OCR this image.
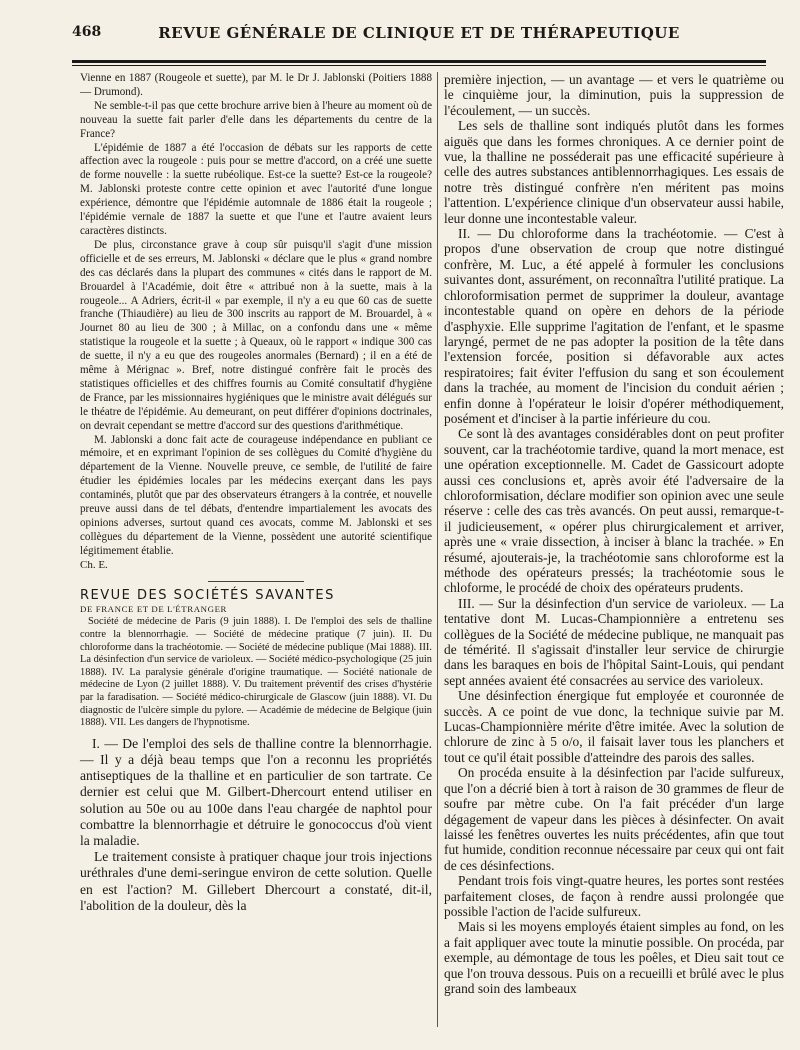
468	REVUE GÉNÉRALE DE CLINIQUE ET DE THÉRAPEUTIQUE

Vienne en 1887 (Rougeole et suette), par M. le Dr J. Jablonski (Poitiers 1888 — Drumond).

Ne semble-t-il pas que cette brochure arrive bien à l'heure au moment où de nouveau la suette fait parler d'elle dans les départements du centre de la France?

L'épidémie de 1887 a été l'occasion de débats sur les rapports de cette affection avec la rougeole : puis pour se mettre d'accord, on a créé une suette de forme nouvelle : la suette rubéolique. Est-ce la suette? Est-ce la rougeole? M. Jablonski proteste contre cette opinion et avec l'autorité d'une longue expérience, démontre que l'épidémie automnale de 1886 était la rougeole ; l'épidémie vernale de 1887 la suette et que l'une et l'autre avaient leurs caractères distincts.

De plus, circonstance grave à coup sûr puisqu'il s'agit d'une mission officielle et de ses erreurs, M. Jablonski « déclare que le plus « grand nombre des cas déclarés dans la plupart des communes « cités dans le rapport de M. Brouardel à l'Académie, doit être « attribué non à la suette, mais à la rougeole... A Adriers, écrit-il « par exemple, il n'y a eu que 60 cas de suette franche (Thiaudière) au lieu de 300 inscrits au rapport de M. Brouardel, à « Journet 80 au lieu de 300 ; à Millac, on a confondu dans une « même statistique la rougeole et la suette ; à Queaux, où le rapport « indique 300 cas de suette, il n'y a eu que des rougeoles anormales (Bernard) ; il en a été de même à Mérignac ». Bref, notre distingué confrère fait le procès des statistiques officielles et des chiffres fournis au Comité consultatif d'hygiène de France, par les missionnaires hygiéniques que le ministre avait délégués sur le théatre de l'épidémie. Au demeurant, on peut différer d'opinions doctrinales, on devrait cependant se mettre d'accord sur des questions d'arithmétique.

M. Jablonski a donc fait acte de courageuse indépendance en publiant ce mémoire, et en exprimant l'opinion de ses collègues du Comité d'hygiène du département de la Vienne. Nouvelle preuve, ce semble, de l'utilité de faire étudier les épidémies locales par les médecins exerçant dans les pays contaminés, plutôt que par des observateurs étrangers à la contrée, et nouvelle preuve aussi dans de tel débats, d'entendre impartialement les avocats des opinions adverses, surtout quand ces avocats, comme M. Jablonski et ses collègues du département de la Vienne, possèdent une autorité scientifique légitimement établie.

Ch. E.

REVUE DES SOCIÉTÉS SAVANTES

DE FRANCE ET DE L'ÉTRANGER

Société de médecine de Paris (9 juin 1888). I. De l'emploi des sels de thalline contre la blennorrhagie. — Société de médecine pratique (7 juin). II. Du chloroforme dans la trachéotomie. — Société de médecine publique (Mai 1888). III. La désinfection d'un service de varioleux. — Société médico-psychologique (25 juin 1888). IV. La paralysie générale d'origine traumatique. — Société nationale de médecine de Lyon (2 juillet 1888). V. Du traitement préventif des crises d'hystérie par la faradisation. — Société médico-chirurgicale de Glascow (juin 1888). VI. Du diagnostic de l'ulcère simple du pylore. — Académie de médecine de Belgique (juin 1888). VII. Les dangers de l'hypnotisme.

I. — De l'emploi des sels de thalline contre la blennorrhagie. — Il y a déjà beau temps que l'on a reconnu les propriétés antiseptiques de la thalline et en particulier de son tartrate. Ce dernier est celui que M. Gilbert-Dhercourt entend utiliser en solution au 50e ou au 100e dans l'eau chargée de naphtol pour combattre la blennorrhagie et détruire le gonococcus d'où vient la maladie.

Le traitement consiste à pratiquer chaque jour trois injections uréthrales d'une demi-seringue environ de cette solution. Quelle en est l'action? M. Gillebert Dhercourt a constaté, dit-il, l'abolition de la douleur, dès la

première injection, — un avantage — et vers le quatrième ou le cinquième jour, la diminution, puis la suppression de l'écoulement, — un succès.

Les sels de thalline sont indiqués plutôt dans les formes aiguës que dans les formes chroniques. A ce dernier point de vue, la thalline ne posséderait pas une efficacité supérieure à celle des autres substances antiblennorrhagiques. Les essais de notre très distingué confrère n'en méritent pas moins l'attention. L'expérience clinique d'un observateur aussi habile, leur donne une incontestable valeur.

II. — Du chloroforme dans la trachéotomie. — C'est à propos d'une observation de croup que notre distingué confrère, M. Luc, a été appelé à formuler les conclusions suivantes dont, assurément, on reconnaîtra l'utilité pratique. La chloroformisation permet de supprimer la douleur, avantage incontestable quand on opère en dehors de la période d'asphyxie. Elle supprime l'agitation de l'enfant, et le spasme laryngé, permet de ne pas adopter la position de la tête dans l'extension forcée, position si défavorable aux actes respiratoires; fait éviter l'effusion du sang et son écoulement dans la trachée, au moment de l'incision du conduit aérien ; enfin donne à l'opérateur le loisir d'opérer méthodiquement, posément et d'inciser à la partie inférieure du cou.

Ce sont là des avantages considérables dont on peut profiter souvent, car la trachéotomie tardive, quand la mort menace, est une opération exceptionnelle. M. Cadet de Gassicourt adopte aussi ces conclusions et, après avoir été l'adversaire de la chloroformisation, déclare modifier son opinion avec une seule réserve : celle des cas très avancés. On peut aussi, remarque-t-il judicieusement, « opérer plus chirurgicalement et arriver, après une « vraie dissection, à inciser à blanc la trachée. » En résumé, ajouterais-je, la trachéotomie sans chloroforme est la méthode des opérateurs pressés; la trachéotomie sous le chloforme, le procédé de choix des opérateurs prudents.

III. — Sur la désinfection d'un service de varioleux. — La tentative dont M. Lucas-Championnière a entretenu ses collègues de la Société de médecine publique, ne manquait pas de témérité. Il s'agissait d'installer leur service de chirurgie dans les baraques en bois de l'hôpital Saint-Louis, qui pendant sept années avaient été consacrées au service des varioleux.

Une désinfection énergique fut employée et couronnée de succès. A ce point de vue donc, la technique suivie par M. Lucas-Championnière mérite d'être imitée. Avec la solution de chlorure de zinc à 5 o/o, il faisait laver tous les planchers et tout ce qu'il était possible d'atteindre des parois des salles.

On procéda ensuite à la désinfection par l'acide sulfureux, que l'on a décrié bien à tort à raison de 30 grammes de fleur de soufre par mètre cube. On l'a fait précéder d'un large dégagement de vapeur dans les pièces à désinfecter. On avait laissé les fenêtres ouvertes les nuits précédentes, afin que tout fut humide, condition reconnue nécessaire par ceux qui ont fait de ces désinfections.

Pendant trois fois vingt-quatre heures, les portes sont restées parfaitement closes, de façon à rendre aussi prolongée que possible l'action de l'acide sulfureux.

Mais si les moyens employés étaient simples au fond, on les a fait appliquer avec toute la minutie possible. On procéda, par exemple, au démontage de tous les poêles, et Dieu sait tout ce que l'on trouva dessous. Puis on a recueilli et brûlé avec le plus grand soin des lambeaux
